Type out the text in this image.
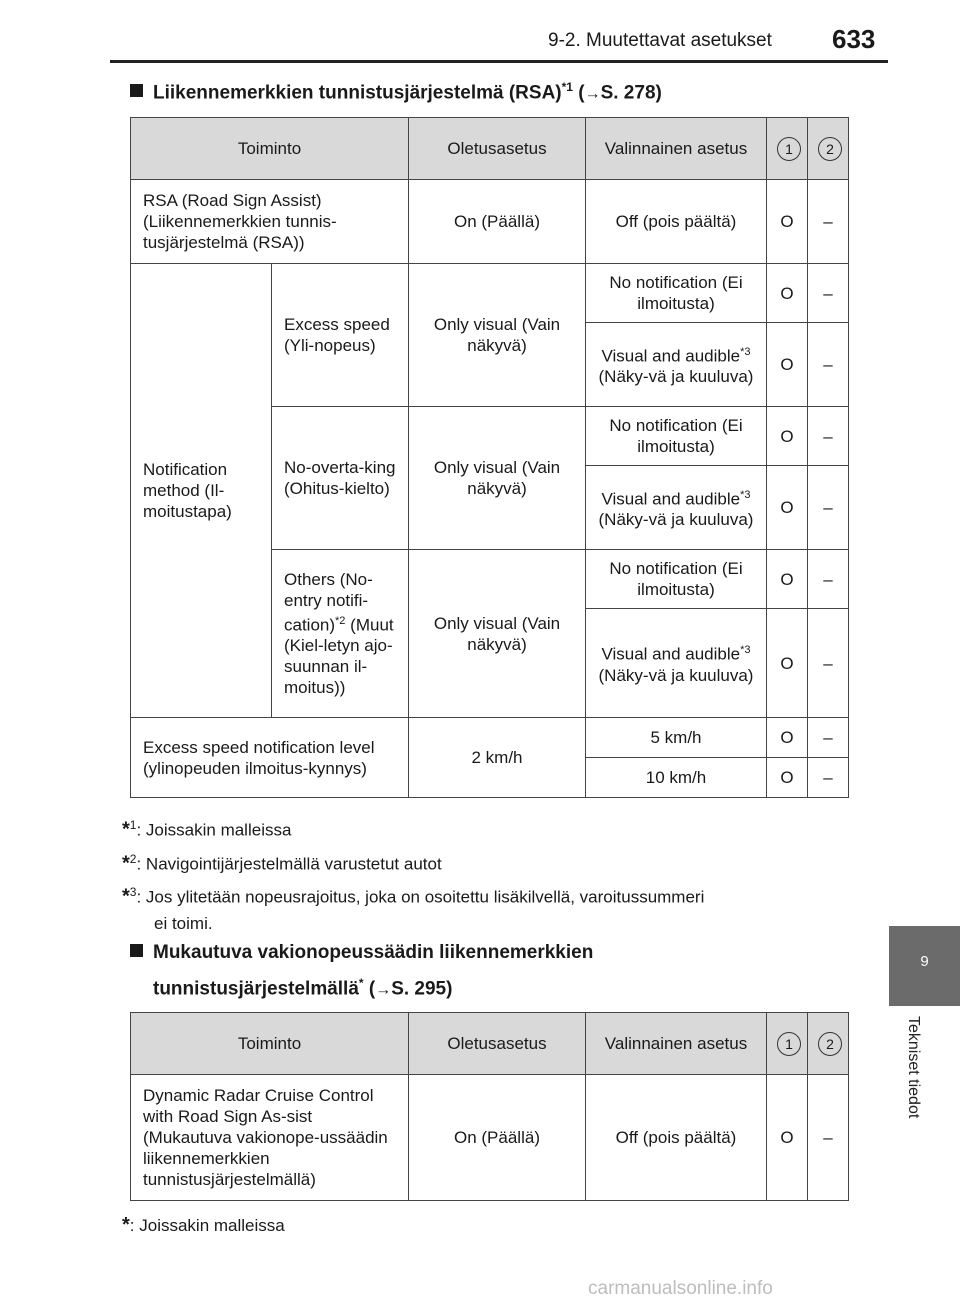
9-2. Muutettavat asetukset 633
9
Tekniset tiedot
Liikennemerkkien tunnistusjärjestelmä (RSA)$^{*1}$ (→S. 278)
Toiminto		Oletusasetus	Valinnainen asetus	1	2
RSA (Road Sign Assist) (Liikennemerkkien tunnis-tusjärjestelmä (RSA))		On (Päällä)	Off (pois päältä)	O	–
Notification method (Il-moitustapa)	Excess speed (Yli-nopeus)	Only visual (Vain näkyvä)	No notification (Ei ilmoitusta)	O	–
			Visual and audible$^{*3}$ (Näky-vä ja kuuluva)	O	–
	No-overta-king (Ohitus-kielto)	Only visual (Vain näkyvä)	No notification (Ei ilmoitusta)	O	–
			Visual and audible$^{*3}$ (Näky-vä ja kuuluva)	O	–
	Others (No-entry notifi-cation)$^{*2}$ (Muut (Kiel-letyn ajo-suunnan il-moitus))	Only visual (Vain näkyvä)	No notification (Ei ilmoitusta)	O	–
			Visual and audible$^{*3}$ (Näky-vä ja kuuluva)	O	–
Excess speed notification level (ylinopeuden ilmoitus-kynnys)		2 km/h	5 km/h	O	–
			10 km/h	O	–
*$^1$: Joissakin malleissa
*$^2$: Navigointijärjestelmällä varustetut autot
*$^3$: Jos ylitetään nopeusrajoitus, joka on osoitettu lisäkilvellä, varoitussummeri
ei toimi.
Mukautuva vakionopeussäädin liikennemerkkien
tunnistusjärjestelmällä* (→S. 295)
Toiminto	Oletusasetus	Valinnainen asetus	1	2
Dynamic Radar Cruise Control with Road Sign As-sist (Mukautuva vakionope-ussäädin liikennemerkkien tunnistusjärjestelmällä)	On (Päällä)	Off (pois päältä)	O	–
*: Joissakin malleissa
carmanualsonline.info
